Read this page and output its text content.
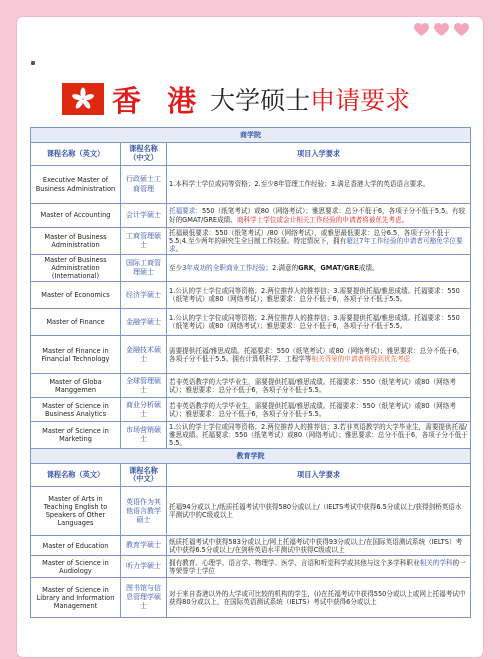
香 港 大学 硕士 申请要求
商学院		
课程名称（英文）	课程名称（中文）	项目入学要求
Executive Master of Business Administration	行政硕士工商管理	1.本科学士学位或同等资格；2.至少8年管理工作经验；3.满足香港大学的英语语言要求。
Master of Accounting	会计学硕士	托福要求：550（纸笔考试）或80（网络考试）；雅思要求：总分不低于6，各项子分不低于5.5。有较好的GMAT/GRE成绩、商科学士学位或会计相关工作经验的申请者将被优先考虑。
Master of Business Administration	工商管理硕士	托福最低要求：550（纸笔考试）/80（网络考试），或雅思最低要求：总分6.5，各项子分不低于5.5;4.至少两年的研究生全日制工作经验。特定情况下，拥有超过7年工作经验的申请者可豁免学位要求。
Master of Business Administration (International)	国际工商管理硕士	至少3年成功的全职商业工作经验；2.满意的GRK，GMAT/GRE成绩。
Master of Economics	经济学硕士	1.公认的学士学位或同等资格；2.两位推荐人的推荐信；3.需要提供托福/雅思成绩。托福要求：550（纸笔考试）或80（网络考试）；雅思要求：总分不低于6，各项子分不低于5.5。
Master of Finance	金融学硕士	1.公认的学士学位或同等资格；2.两位推荐人的推荐信；3.需要提供托福/雅思成绩。托福要求：550（纸笔考试）或80（网络考试）；雅思要求：总分不低于6，各项子分不低于5.5。
Master of Finance in Financial Technology	金融技术硕士	需要提供托福/雅思成绩。托福要求：550（纸笔考试）或80（网络考试）；雅思要求：总分不低于6，各项子分不低于5.5。拥有计算机科学、工程学等相关背景的申请者将得到优先考虑
Master of Globa Manggemen	全球管理硕士	若非英语教学的大学毕业生，需要提供托福/雅思成绩。托福要求：550（纸笔考试）或80（网络考试）；雅思要求：总分不低于6，各项子分不低于5.5。
Master of Science in Business Analytics	商业分析硕士	若非英语教学的大学毕业生，需要提供托福/雅思成绩。托福要求：550（纸笔考试）或80（网络考试）；雅思要求：总分不低于6，各项子分不低于5.5。
Master of Science in Marketing	市场营销硕士	1.公认的学士学位或同等资格；2.两位推荐人的推荐信；3.若非英语教学的大学毕业生，需要提供托福/雅思成绩。托福要求：550（纸笔考试）或80（网络考试）；雅思要求：总分不低于6，各项子分不低于5.5。
教育学院		
课程名称（英文）	课程名称（中文）	项目入学要求
Master of Arts in Teaching English to Speakers of Other Languages	英语作为其他语言教学硕士	托福94分或以上/纸质托福考试中获得580分或以上/（IELTS考试中获得6.5分或以上/获得剑桥英语水平测试中的C级或以上
Master of Education	教育学硕士	纸质托福考试中获得583分或以上/网上托福考试中获得93分或以上/在国际英语测试系统（IELTS）考试中获得6.5分或以上/在剑桥英语水平测试中获得C级或以上
Master of Science in Audiology	听力学硕士	拥有教育、心理学、语言学、物理学、医学、言语和听觉科学或其他与这个多学科职业相关的学科的一等荣誉学士学位
Master of Science in Library and Information Management	图书馆与信息管理学硕士	对于来自香港以外的大学或可比较的机构的学生，(i)在托福考试中获得550分或以上或网上托福考试中获得80分或以上，在国际英语测试系统（IELTS）考试中获得6分或以上
